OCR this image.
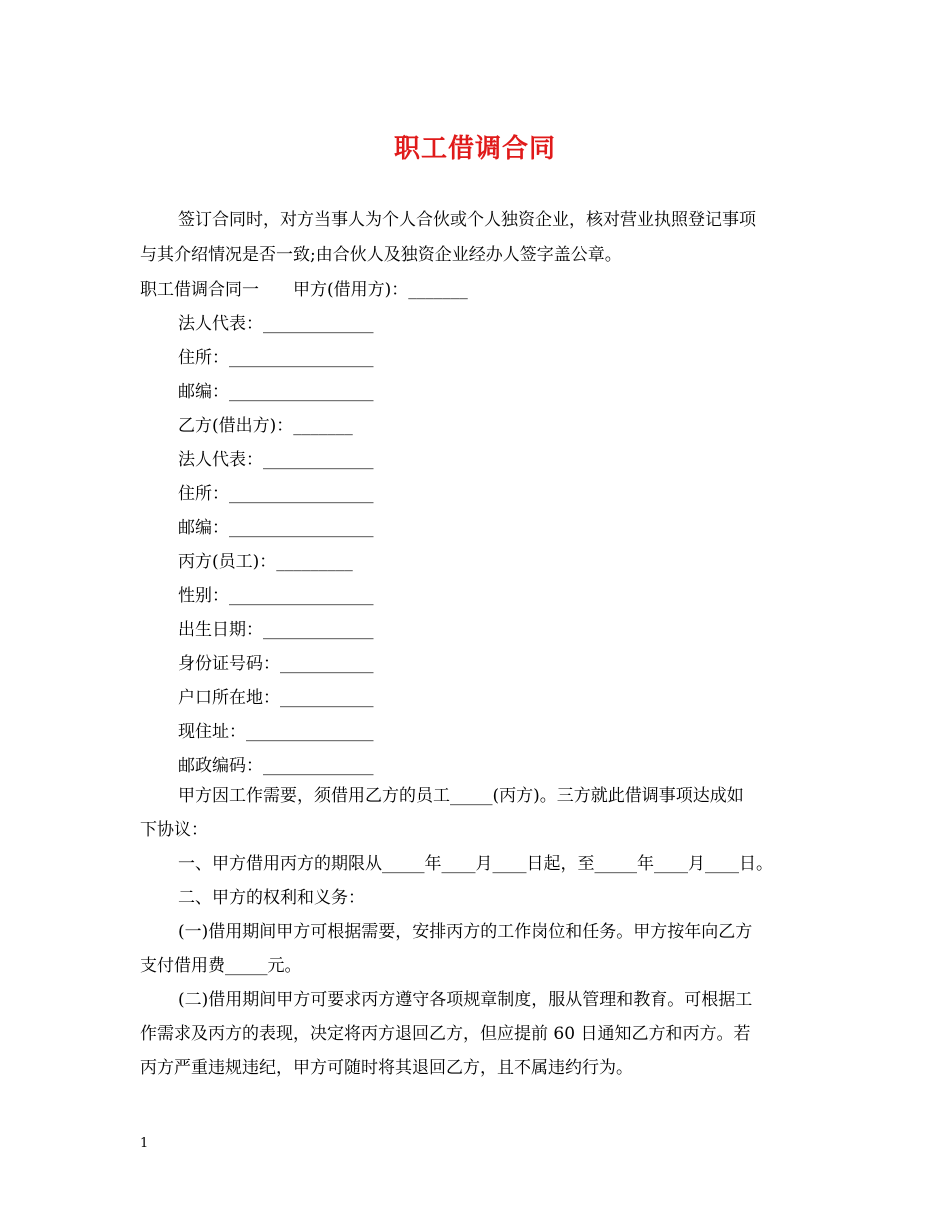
职工借调合同
签订合同时，对方当事人为个人合伙或个人独资企业，核对营业执照登记事项
与其介绍情况是否一致;由合伙人及独资企业经办人签字盖公章。
职工借调合同一　　甲方(借用方)：_______
法人代表：_____________
住所：_________________
邮编：_________________
乙方(借出方)：_______
法人代表：_____________
住所：_________________
邮编：_________________
丙方(员工)：_________
性别：_________________
出生日期：_____________
身份证号码：___________
户口所在地：___________
现住址：_______________
邮政编码：_____________
甲方因工作需要，须借用乙方的员工_____(丙方)。三方就此借调事项达成如
下协议：
一、甲方借用丙方的期限从_____年____月____日起，至_____年____月____日。
二、甲方的权利和义务：
(一)借用期间甲方可根据需要，安排丙方的工作岗位和任务。甲方按年向乙方
支付借用费_____元。
(二)借用期间甲方可要求丙方遵守各项规章制度，服从管理和教育。可根据工
作需求及丙方的表现，决定将丙方退回乙方，但应提前 60 日通知乙方和丙方。若
丙方严重违规违纪，甲方可随时将其退回乙方，且不属违约行为。
1
